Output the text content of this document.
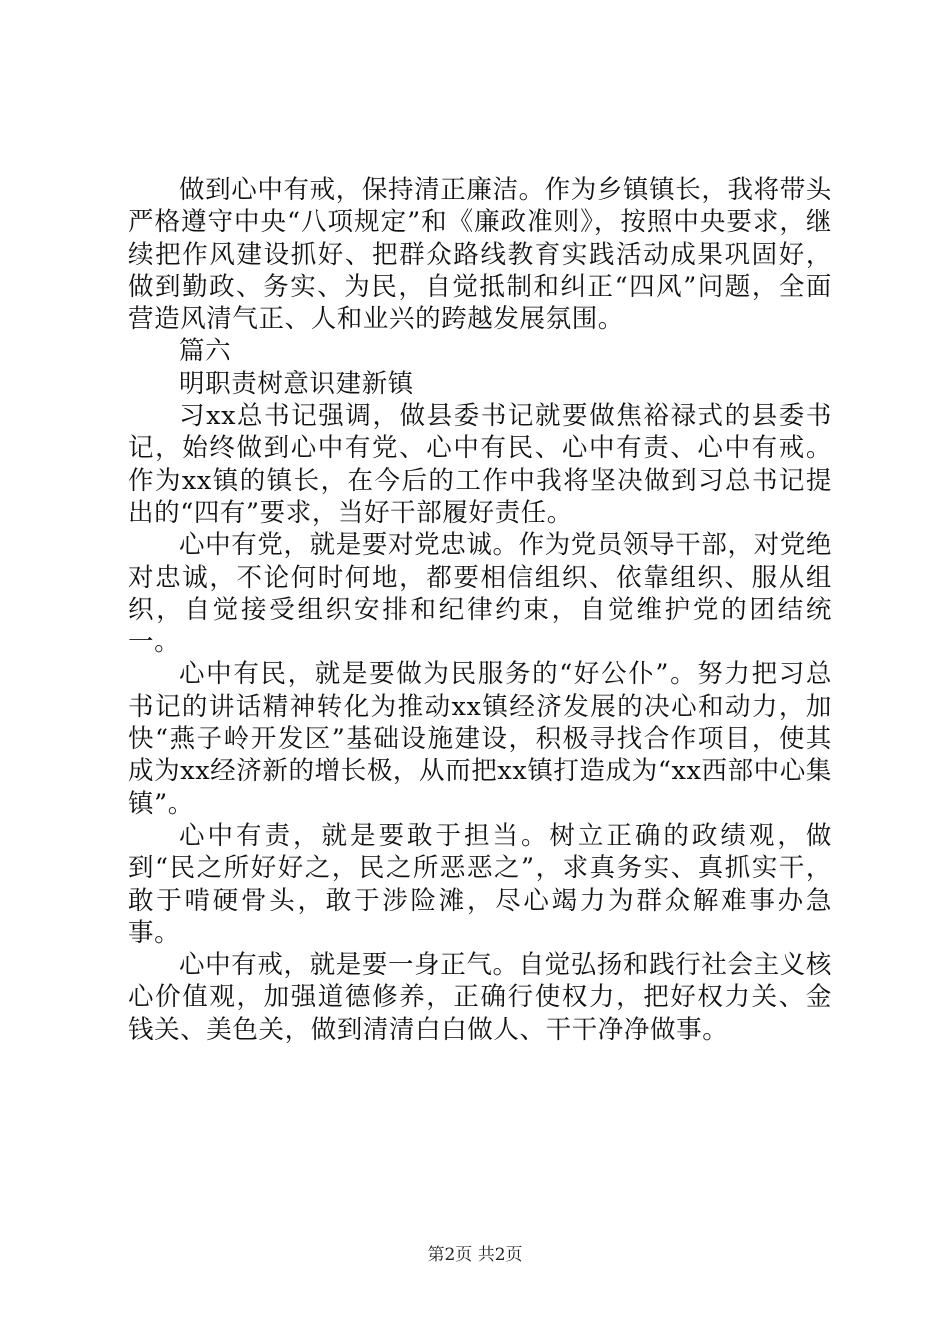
做到心中有戒，保持清正廉洁。作为乡镇镇长，我将带头严格遵守中央“八项规定”和《廉政准则》，按照中央要求，继续把作风建设抓好、把群众路线教育实践活动成果巩固好，做到勤政、务实、为民，自觉抵制和纠正“四风”问题，全面营造风清气正、人和业兴的跨越发展氛围。

篇六

明职责树意识建新镇

习xx总书记强调，做县委书记就要做焦裕禄式的县委书记，始终做到心中有党、心中有民、心中有责、心中有戒。作为xx镇的镇长，在今后的工作中我将坚决做到习总书记提出的“四有”要求，当好干部履好责任。

心中有党，就是要对党忠诚。作为党员领导干部，对党绝对忠诚，不论何时何地，都要相信组织、依靠组织、服从组织，自觉接受组织安排和纪律约束，自觉维护党的团结统一。

心中有民，就是要做为民服务的“好公仆”。努力把习总书记的讲话精神转化为推动xx镇经济发展的决心和动力，加快“燕子岭开发区”基础设施建设，积极寻找合作项目，使其成为xx经济新的增长极，从而把xx镇打造成为“xx西部中心集镇”。

心中有责，就是要敢于担当。树立正确的政绩观，做到“民之所好好之，民之所恶恶之”，求真务实、真抓实干，敢于啃硬骨头，敢于涉险滩，尽心竭力为群众解难事办急事。

心中有戒，就是要一身正气。自觉弘扬和践行社会主义核心价值观，加强道德修养，正确行使权力，把好权力关、金钱关、美色关，做到清清白白做人、干干净净做事。

第2页 共2页
